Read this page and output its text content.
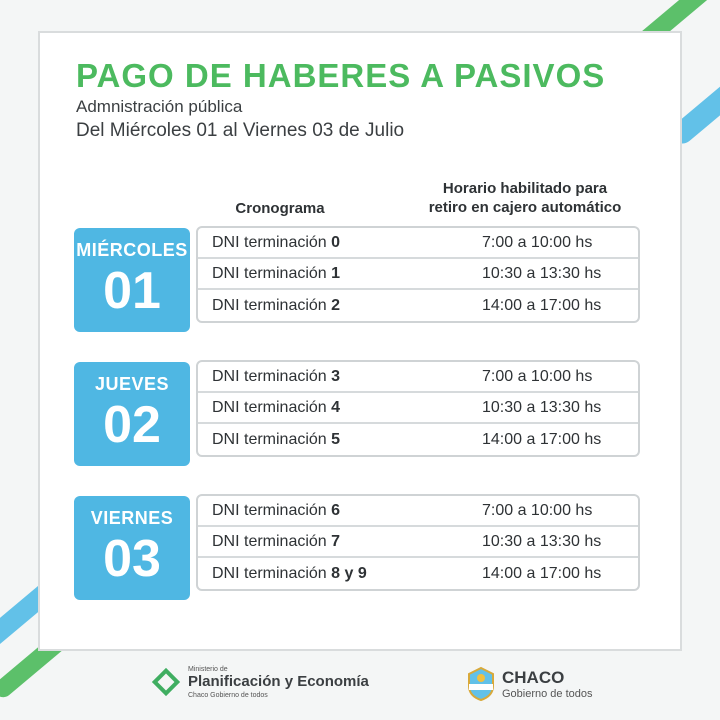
PAGO DE HABERES A PASIVOS
Admnistración pública
Del Miércoles 01 al Viernes 03 de Julio
Cronograma
Horario habilitado para
retiro en cajero automático
MIÉRCOLES
01
DNI terminación 0	7:00 a 10:00 hs
DNI terminación 1	10:30 a 13:30 hs
DNI terminación 2	14:00 a 17:00 hs
JUEVES
02
DNI terminación 3	7:00 a 10:00 hs
DNI terminación 4	10:30 a 13:30 hs
DNI terminación 5	14:00 a 17:00 hs
VIERNES
03
DNI terminación 6	7:00 a 10:00 hs
DNI terminación 7	10:30 a 13:30 hs
DNI terminación 8 y 9	14:00 a 17:00 hs
Ministerio de
Planificación y Economía
Chaco Gobierno de todos
CHACO
Gobierno de todos
